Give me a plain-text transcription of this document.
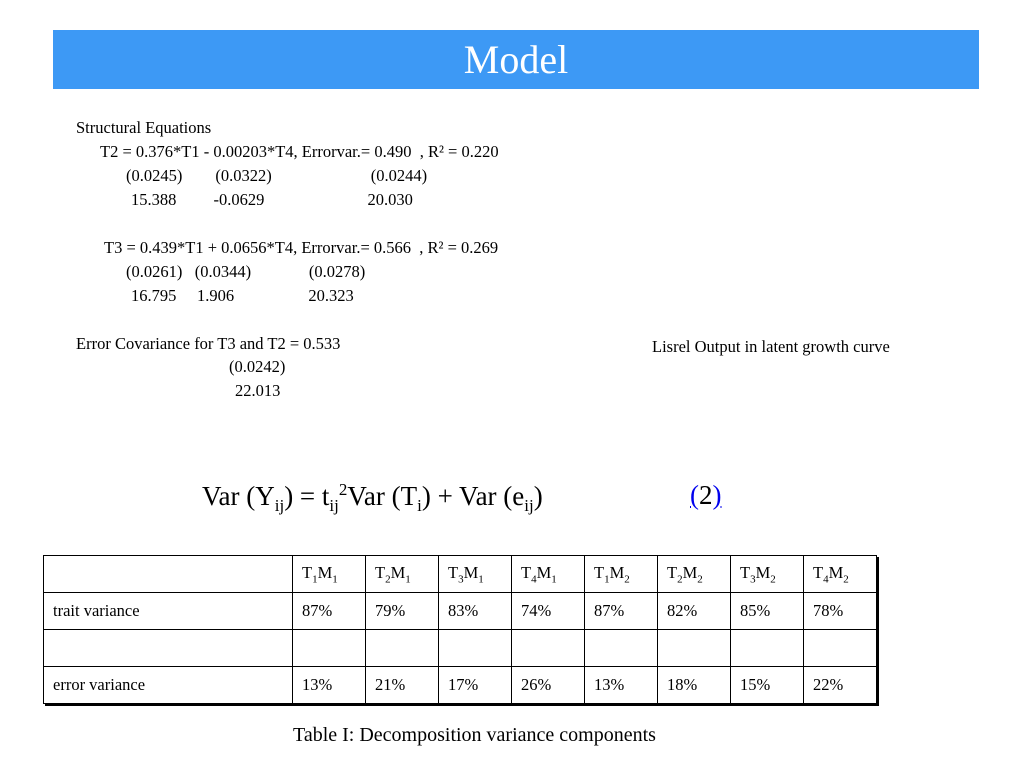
Model
Structural Equations
T2 = 0.376*T1 - 0.00203*T4, Errorvar.= 0.490  , R² = 0.220
(0.0245)        (0.0322)                        (0.0244)
15.388         -0.0629                         20.030
T3 = 0.439*T1 + 0.0656*T4, Errorvar.= 0.566  , R² = 0.269
(0.0261)   (0.0344)              (0.0278)
16.795     1.906                  20.323
Error Covariance for T3 and T2 = 0.533
(0.0242)
22.013
Lisrel Output in latent growth curve
Var $(Y_{ij}) = t_{ij}^2Var$ $(T_i)$ + Var $(e_{ij})$	(2)
	$T_1M_1$	$T_2M_1$	$T_3M_1$	$T_4M_1$	$T_1M_2$	$T_2M_2$	$T_3M_2$	$T_4M_2$
trait variance	87%	79%	83%	74%	87%	82%	85%	78%

error variance	13%	21%	17%	26%	13%	18%	15%	22%
Table I: Decomposition variance components
